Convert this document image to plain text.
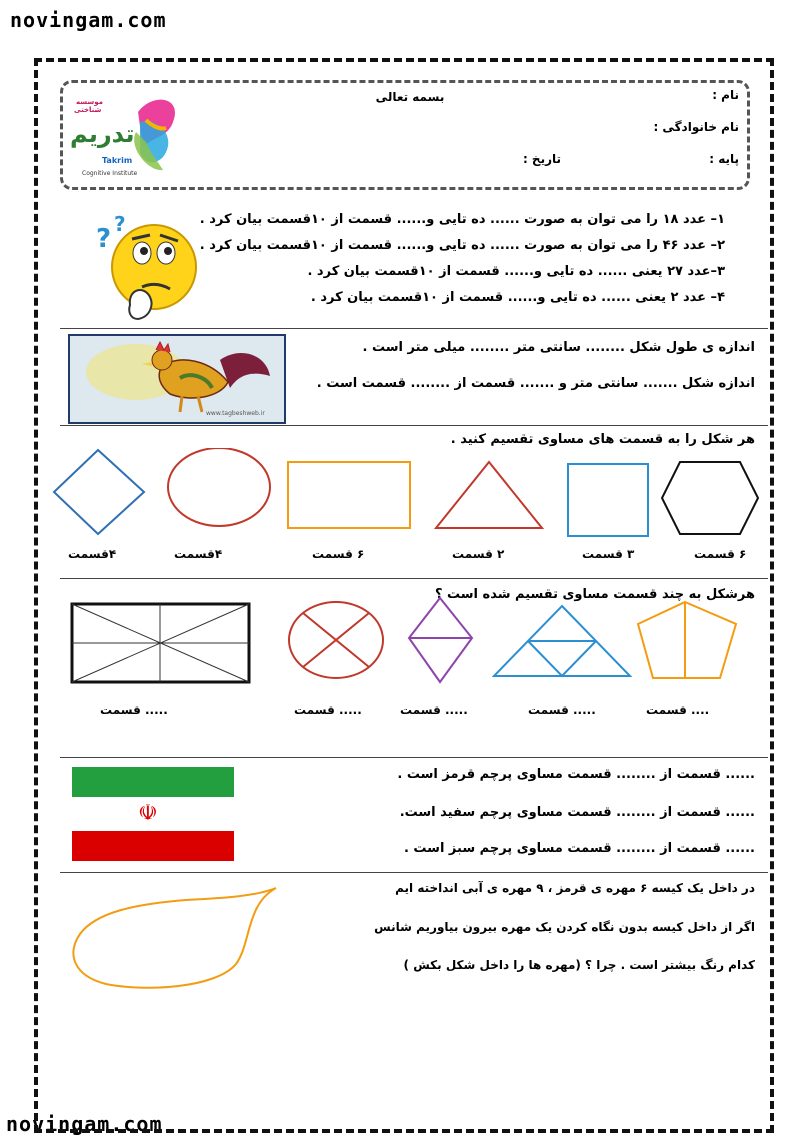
novingam.com
novingam.com
بسمه تعالی	نام :
نام خانوادگی :
پایه :
تاریخ :
موسسه
شناختی
تدریم
Takrim
Cognitive Institute
? ?	۱– عدد ۱۸ را می توان به صورت ...... ده تایی و...... قسمت از ۱۰قسمت بیان کرد .
۲– عدد ۴۶ را می توان به صورت ...... ده تایی و...... قسمت از ۱۰قسمت بیان کرد .
۳–عدد ۲۷ یعنی ...... ده تایی و...... قسمت از ۱۰قسمت بیان کرد .
۴– عدد ۲ یعنی ...... ده تایی و...... قسمت از ۱۰قسمت بیان کرد .
www.tagbeshweb.ir
اندازه ی طول شکل ........ سانتی متر ........ میلی متر است .
اندازه شکل ....... سانتی متر و ....... قسمت از ........ قسمت است .
هر شکل را به قسمت های مساوی تقسیم کنید .
۶ قسمت
۳ قسمت
۲ قسمت
۶ قسمت
۴قسمت
۴قسمت
هرشکل به چند قسمت مساوی تقسیم شده است ؟
.... قسمت
..... قسمت
..... قسمت
..... قسمت
..... قسمت
☫
...... قسمت از ........ قسمت مساوی پرچم قرمز است .
...... قسمت از ........ قسمت مساوی پرچم سفید است.
...... قسمت از ........ قسمت مساوی پرچم سبز است .
در داخل یک کیسه ۶ مهره ی قرمز ، ۹ مهره ی آبی انداخته ایم
اگر از داخل کیسه بدون نگاه کردن یک مهره بیرون بیاوریم شانس
کدام رنگ بیشتر است . چرا ؟ (مهره ها را داخل شکل بکش )
